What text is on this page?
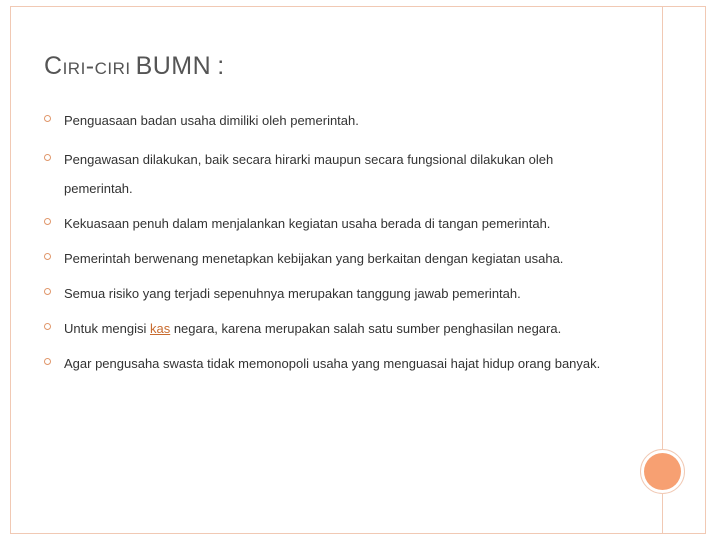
CIRI-CIRI BUMN :
Penguasaan badan usaha dimiliki oleh pemerintah.
Pengawasan dilakukan, baik secara hirarki maupun secara fungsional dilakukan oleh pemerintah.
Kekuasaan penuh dalam menjalankan kegiatan usaha berada di tangan pemerintah.
Pemerintah berwenang menetapkan kebijakan yang berkaitan dengan kegiatan usaha.
Semua risiko yang terjadi sepenuhnya merupakan tanggung jawab pemerintah.
Untuk mengisi kas negara, karena merupakan salah satu sumber penghasilan negara.
Agar pengusaha swasta tidak memonopoli usaha yang menguasai hajat hidup orang banyak.
